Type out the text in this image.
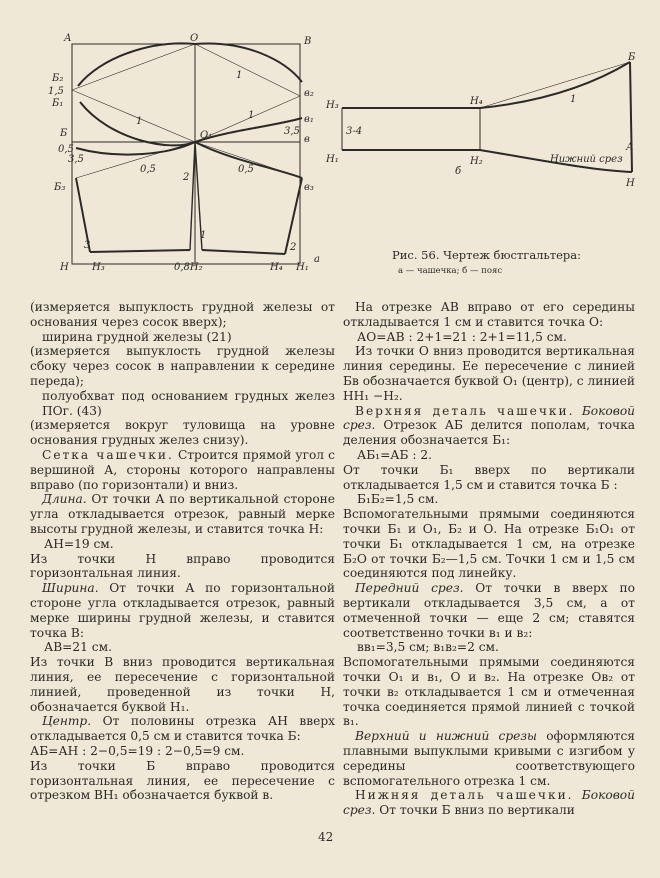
А	О	В
Б₂
1,5
Б₁
в₂
в₁
в
Б	О₁
Б₃	в₃
Н Н₃	0,8Н₂	Н₄ Н₁
а
3	2
1
3,5
3,5
0,5
0,5	0,5
1
1
1
2
Н₃
Н₁
Н₄
Н₂
Б
А
Н
б
3-4
1
Нижний срез
Рис. 56. Чертеж бюстгальтера:
а — чашечка; б — пояс

(измеряется выпуклость грудной железы от основания через сосок вверх);

ширина грудной железы (21)

(измеряется выпуклость грудной железы сбоку через сосок в направлении к середине переда);

полуобхват под основанием грудных желез ПОг. (43)

(измеряется вокруг туловища на уровне основания грудных желез снизу).

Сетка чашечки. Строится прямой угол с вершиной А, стороны которого направлены вправо (по горизонтали) и вниз.

Длина. От точки А по вертикальной стороне угла откладывается отрезок, равный мерке высоты грудной железы, и ставится точка Н:

АН=19 см.

Из точки Н вправо проводится горизонтальная линия.

Ширина. От точки А по горизонтальной стороне угла откладывается отрезок, равный мерке ширины грудной железы, и ставится точка В:

АВ=21 см.

Из точки В вниз проводится вертикальная линия, ее пересечение с горизонтальной линией, проведенной из точки Н, обозначается буквой Н₁.

Центр. От половины отрезка АН вверх откладывается 0,5 см и ставится точка Б:

АБ=АН : 2−0,5=19 : 2−0,5=9 см.

Из точки Б вправо проводится горизонтальная линия, ее пересечение с отрезком ВН₁ обозначается буквой в.

На отрезке АВ вправо от его середины откладывается 1 см и ставится точка О:

АО=АВ : 2+1=21 : 2+1=11,5 см.

Из точки О вниз проводится вертикальная линия середины. Ее пересечение с линией Бв обозначается буквой О₁ (центр), с линией НН₁ −Н₂.

Верхняя деталь чашечки. Боковой срез. Отрезок АБ делится пополам, точка деления обозначается Б₁:

АБ₁=АБ : 2.

От точки Б₁ вверх по вертикали откладывается 1,5 см и ставится точка Б :

Б₁Б₂=1,5 см.

Вспомогательными прямыми соединяются точки Б₁ и О₁, Б₂ и О. На отрезке Б₁О₁ от точки Б₁ откладывается 1 см, на отрезке Б₂О от точки Б₂—1,5 см. Точки 1 см и 1,5 см соединяются под линейку.

Передний срез. От точки в вверх по вертикали откладывается 3,5 см, а от отмеченной точки — еще 2 см; ставятся соответственно точки в₁ и в₂:

вв₁=3,5 см; в₁в₂=2 см.

Вспомогательными прямыми соединяются точки О₁ и в₁, О и в₂. На отрезке Ов₂ от точки в₂ откладывается 1 см и отмеченная точка соединяется прямой линией с точкой в₁.

Верхний и нижний срезы оформляются плавными выпуклыми кривыми с изгибом у середины соответствующего вспомогательного отрезка 1 см.

Нижняя деталь чашечки. Боковой срез. От точки Б вниз по вертикали

42
